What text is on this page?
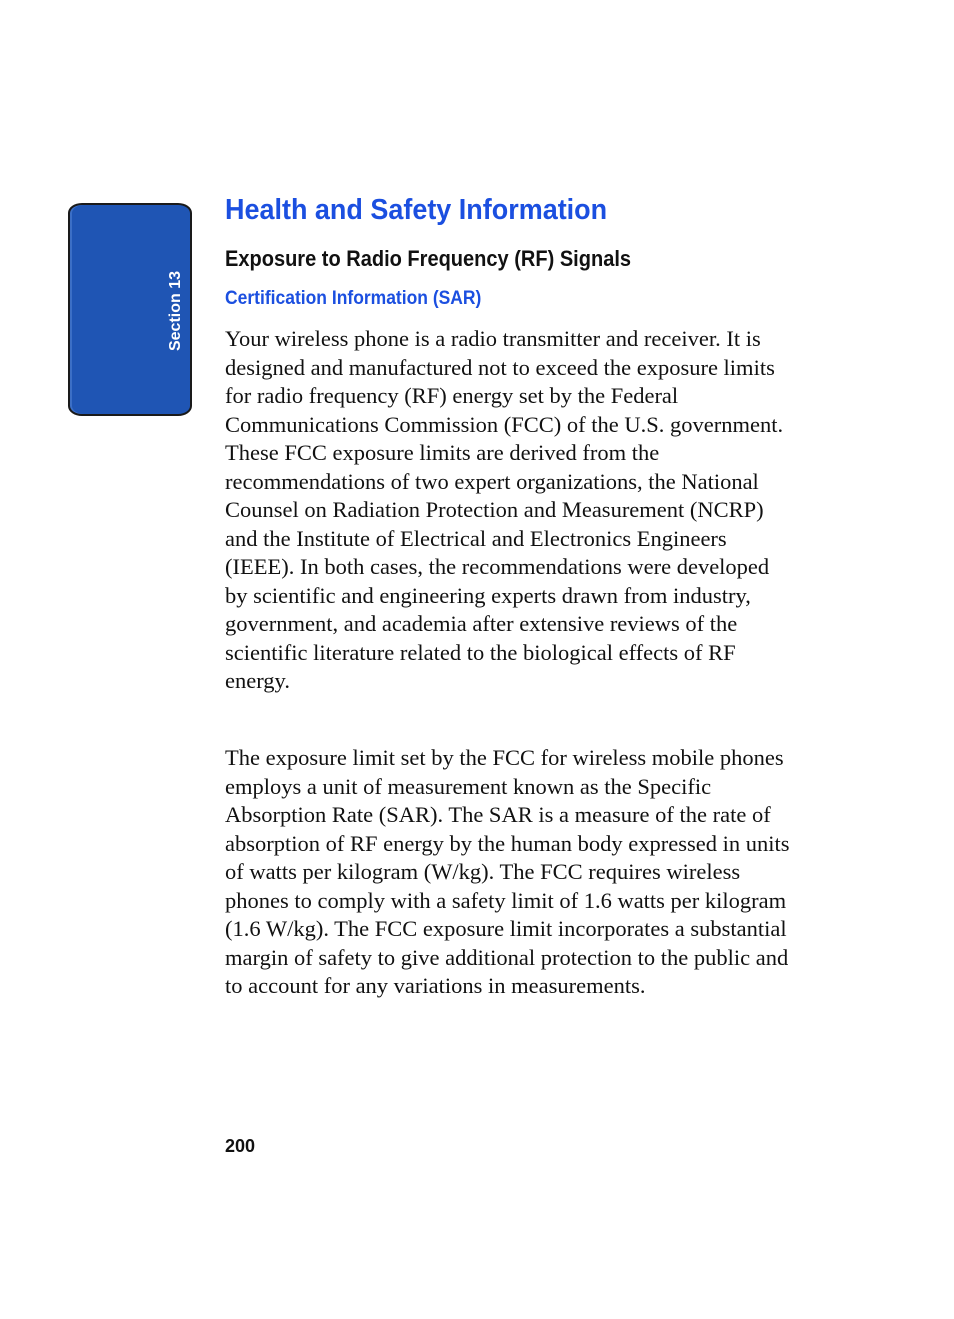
Section 13
Health and Safety Information
Exposure to Radio Frequency (RF) Signals
Certification Information (SAR)

Your wireless phone is a radio transmitter and receiver. It is designed and manufactured not to exceed the exposure limits for radio frequency (RF) energy set by the Federal Communications Commission (FCC) of the U.S. government. These FCC exposure limits are derived from the recommendations of two expert organizations, the National Counsel on Radiation Protection and Measurement (NCRP) and the Institute of Electrical and Electronics Engineers (IEEE). In both cases, the recommendations were developed by scientific and engineering experts drawn from industry, government, and academia after extensive reviews of the scientific literature related to the biological effects of RF energy.

The exposure limit set by the FCC for wireless mobile phones employs a unit of measurement known as the Specific Absorption Rate (SAR). The SAR is a measure of the rate of absorption of RF energy by the human body expressed in units of watts per kilogram (W/kg). The FCC requires wireless phones to comply with a safety limit of 1.6 watts per kilogram (1.6 W/kg). The FCC exposure limit incorporates a substantial margin of safety to give additional protection to the public and to account for any variations in measurements.

200
